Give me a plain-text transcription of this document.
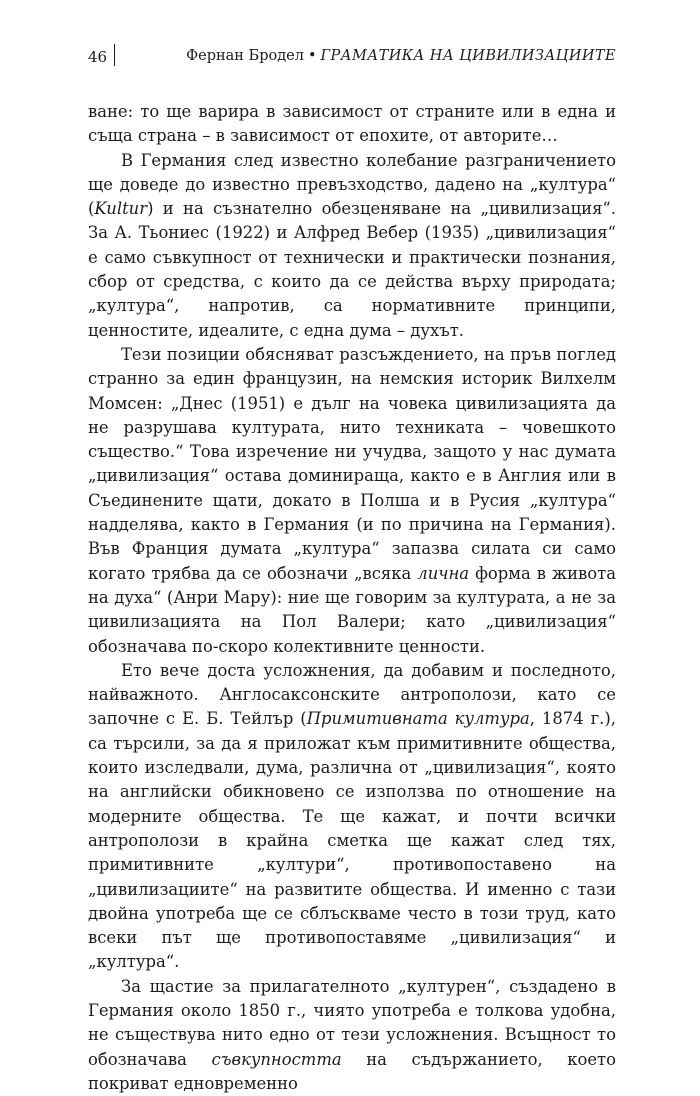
46	Фернан Бродел • ГРАМАТИКА НА ЦИВИЛИЗАЦИИТЕ

ване: то ще варира в зависимост от страните или в една и съща страна – в зависимост от епохите, от авторите…

В Германия след известно колебание разграничението ще доведе до известно превъзходство, дадено на „култура“ (Kultur) и на съзнателно обезценяване на „цивилизация“. За А. Тьониес (1922) и Алфред Вебер (1935) „цивилизация“ е само съвкупност от технически и практически познания, сбор от средства, с които да се действа върху природата; „култура“, напротив, са нормативните принципи, ценностите, идеалите, с една дума – духът.

Тези позиции обясняват разсъждението, на пръв поглед странно за един французин, на немския историк Вилхелм Момсен: „Днес (1951) е дълг на човека цивилизацията да не разрушава културата, нито техниката – човешкото същество.“ Това изречение ни учудва, защото у нас думата „цивилизация“ остава доминираща, както е в Англия или в Съединените щати, докато в Полша и в Русия „култура“ надделява, както в Германия (и по причина на Германия). Във Франция думата „култура“ запазва силата си само когато трябва да се обозначи „всяка лична форма в живота на духа“ (Анри Мару): ние ще говорим за културата, а не за цивилизацията на Пол Валери; като „цивилизация“ обозначава по-скоро колективните ценности.

Ето вече доста усложнения, да добавим и последното, найважното. Англосаксонските антрополози, като се започне с Е. Б. Тейлър (Примитивната култура, 1874 г.), са търсили, за да я приложат към примитивните общества, които изследвали, дума, различна от „цивилизация“, която на английски обикновено се използва по отношение на модерните общества. Те ще кажат, и почти всички антрополози в крайна сметка ще кажат след тях, примитивните „култури“, противопоставено на „цивилизациите“ на развитите общества. И именно с тази двойна употреба ще се сблъскваме често в този труд, като всеки път ще противопоставяме „цивилизация“ и „култура“.

За щастие за прилагателното „културен“, създадено в Германия около 1850 г., чиято употреба е толкова удобна, не съществува нито едно от тези усложнения. Всъщност то обозначава съвкупността на съдържанието, което покриват едновременно
